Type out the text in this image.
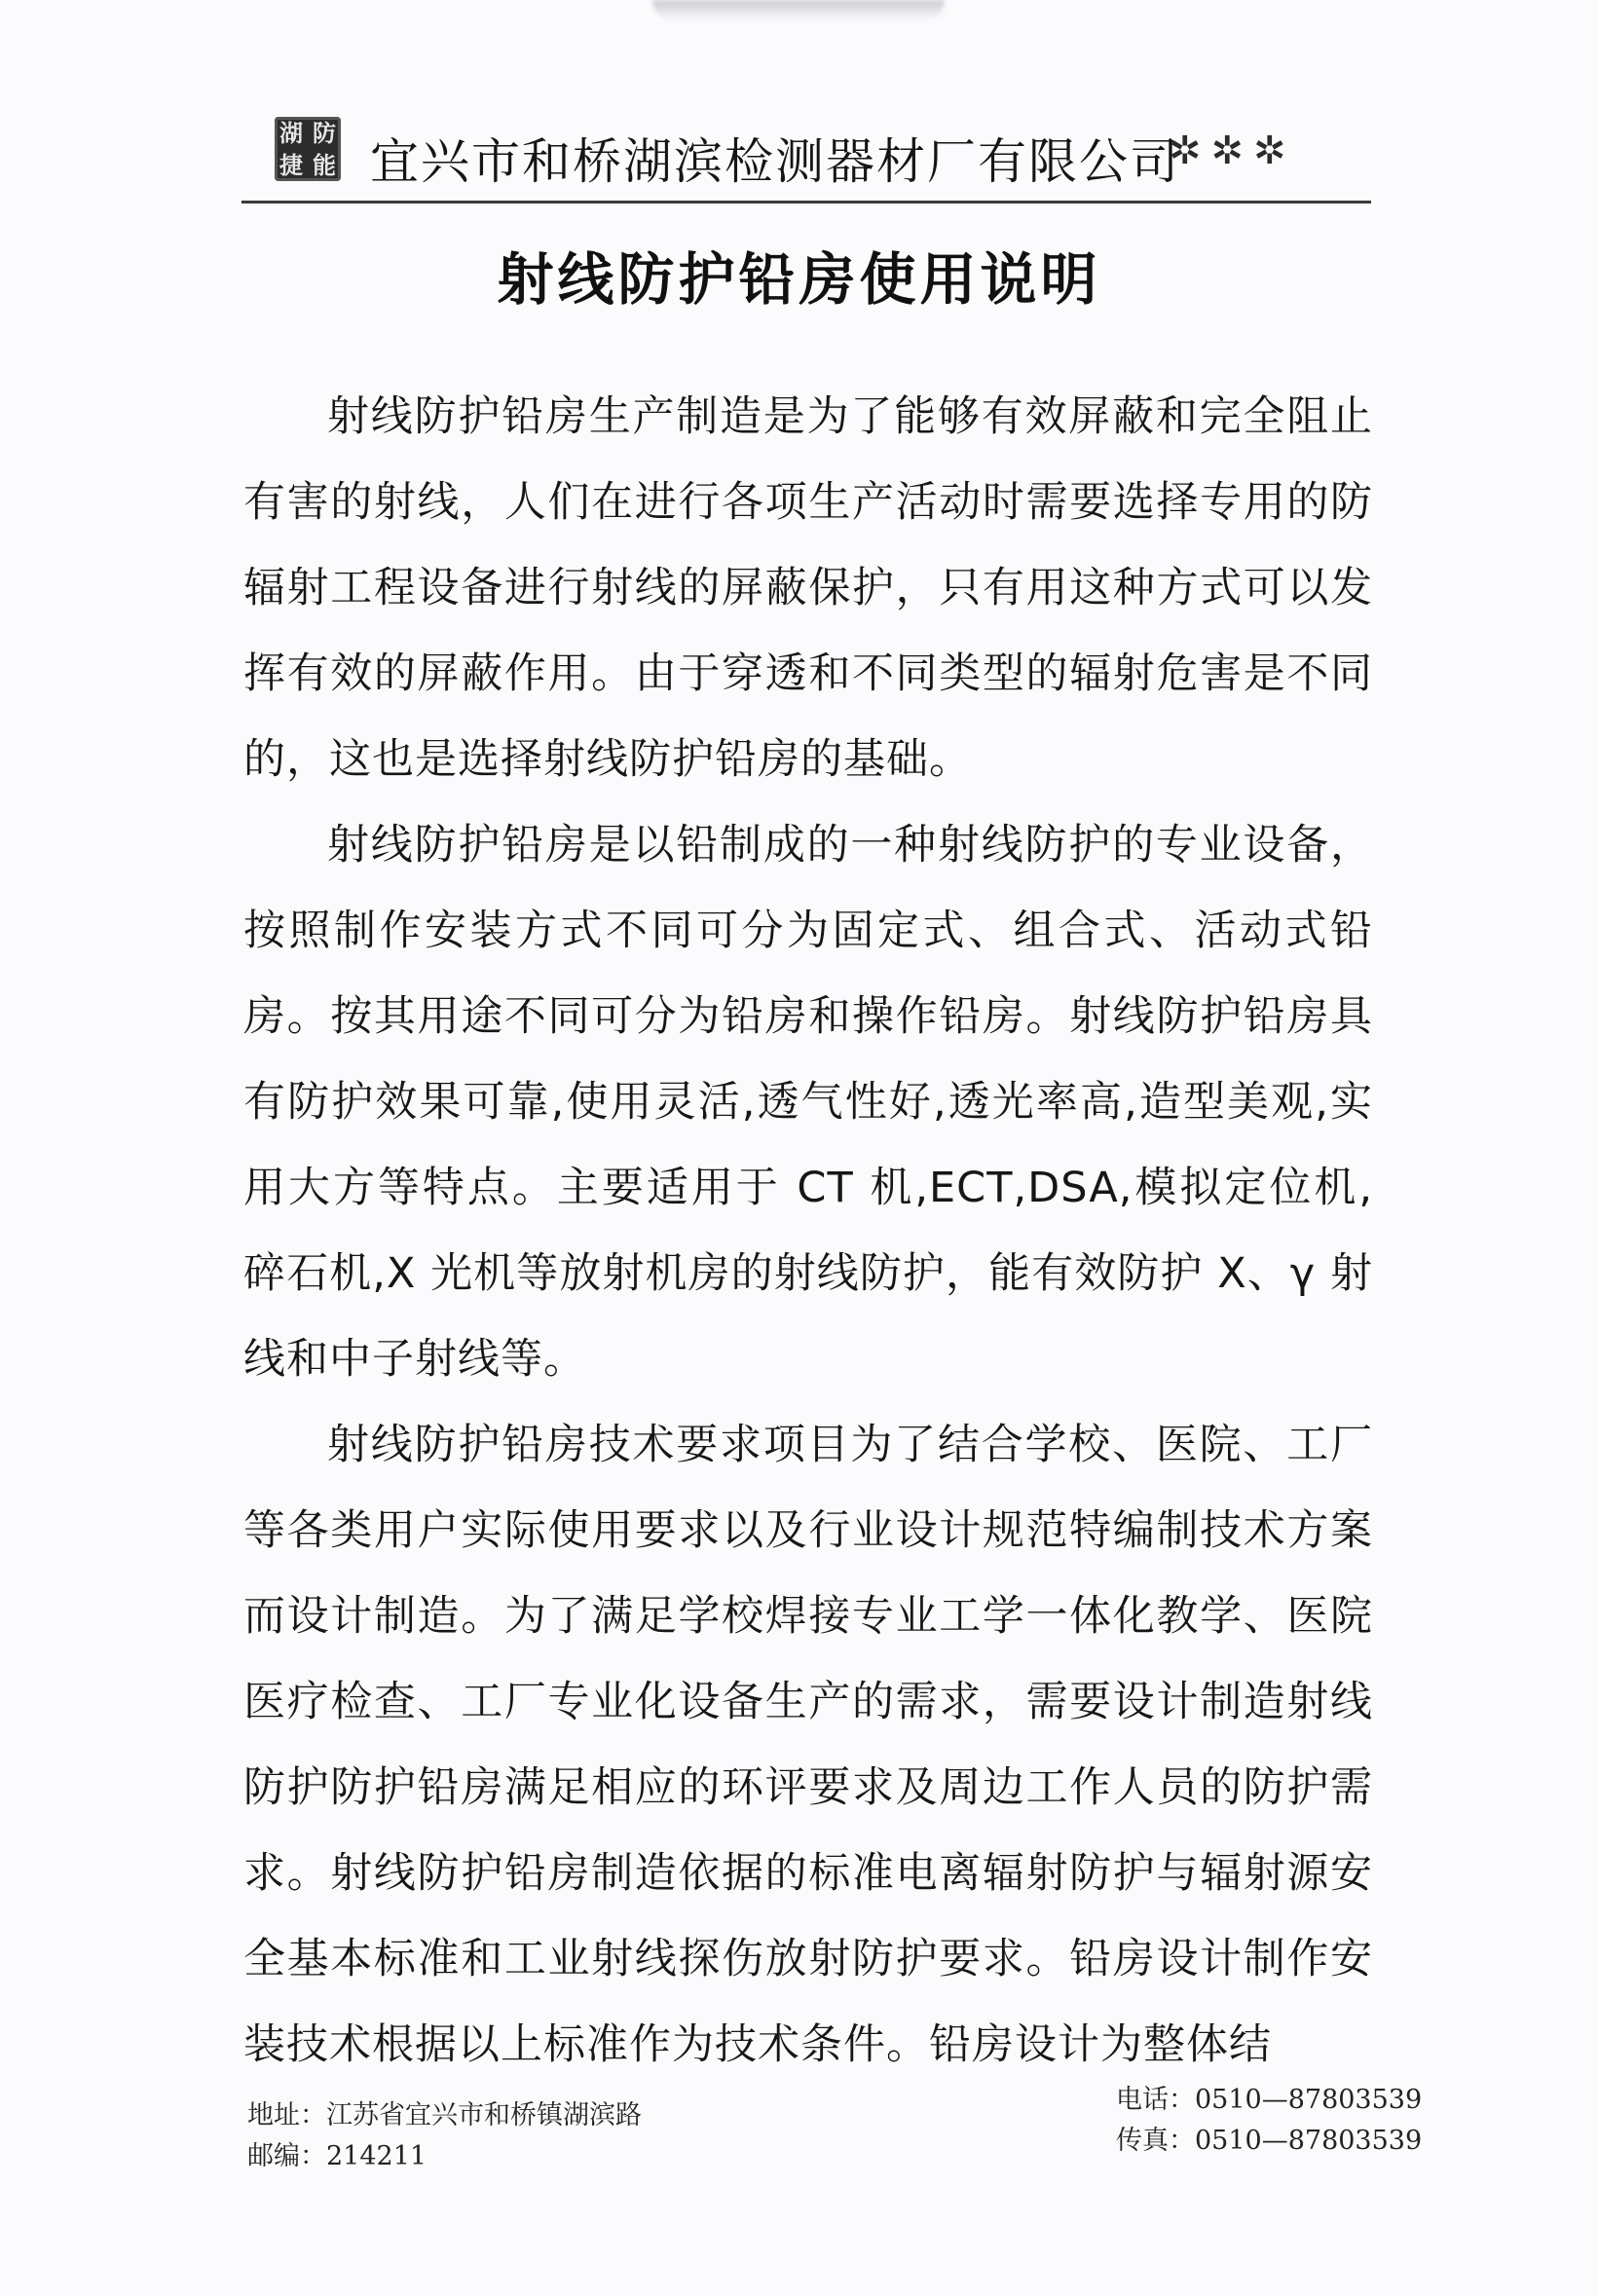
湖 防
捷 能 宜兴市和桥湖滨检测器材厂有限公司
✲✲✲
射线防护铅房使用说明

射线防护铅房生产制造是为了能够有效屏蔽和完全阻止有害的射线，人们在进行各项生产活动时需要选择专用的防辐射工程设备进行射线的屏蔽保护，只有用这种方式可以发挥有效的屏蔽作用。由于穿透和不同类型的辐射危害是不同的，这也是选择射线防护铅房的基础。

射线防护铅房是以铅制成的一种射线防护的专业设备，按照制作安装方式不同可分为固定式、组合式、活动式铅房。按其用途不同可分为铅房和操作铅房。射线防护铅房具有防护效果可靠,使用灵活,透气性好,透光率高,造型美观,实用大方等特点。主要适用于 CT 机,ECT,DSA,模拟定位机,碎石机,X 光机等放射机房的射线防护，能有效防护 X、γ 射线和中子射线等。

射线防护铅房技术要求项目为了结合学校、医院、工厂等各类用户实际使用要求以及行业设计规范特编制技术方案而设计制造。为了满足学校焊接专业工学一体化教学、医院医疗检查、工厂专业化设备生产的需求，需要设计制造射线防护防护铅房满足相应的环评要求及周边工作人员的防护需求。射线防护铅房制造依据的标准电离辐射防护与辐射源安全基本标准和工业射线探伤放射防护要求。铅房设计制作安装技术根据以上标准作为技术条件。铅房设计为整体结

地址：江苏省宜兴市和桥镇湖滨路
邮编：214211
电话：0510—87803539
传真：0510—87803539
